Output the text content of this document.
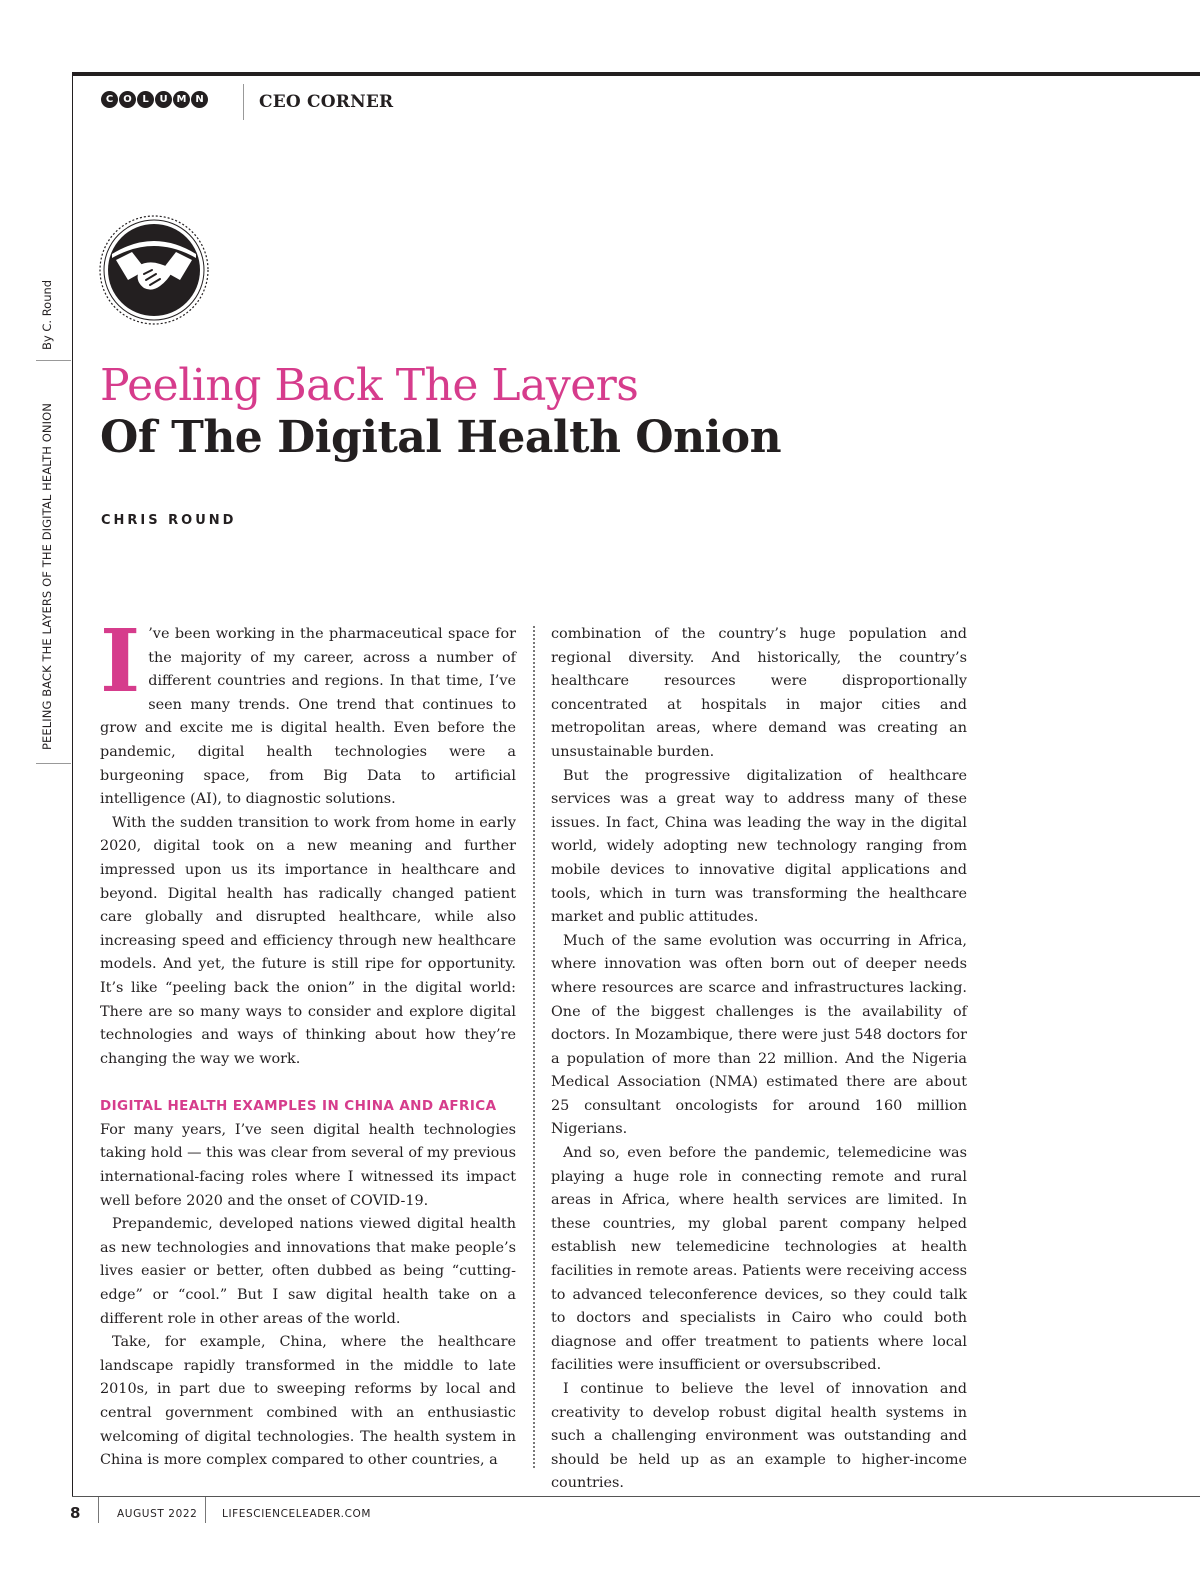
C	O	L	U M N	CEO CORNER
By C. Round
PEELING BACK THE LAYERS OF THE DIGITAL HEALTH ONION
Peeling Back The Layers
Of The Digital Health Onion
CHRIS ROUND

I ’ve been working in the pharmaceutical space for the majority of my career, across a number of different countries and regions. In that time, I’ve seen many trends. One trend that continues to grow and excite me is digital health. Even before the pandemic, digital health technologies were a burgeoning space, from Big Data to artificial intelligence (AI), to diagnostic solutions.

With the sudden transition to work from home in early 2020, digital took on a new meaning and further impressed upon us its importance in healthcare and beyond. Digital health has radically changed patient care globally and disrupted healthcare, while also increasing speed and efficiency through new healthcare models. And yet, the future is still ripe for opportunity. It’s like “peeling back the onion” in the digital world: There are so many ways to consider and explore digital technologies and ways of thinking about how they’re changing the way we work.

DIGITAL HEALTH EXAMPLES IN CHINA AND AFRICA

For many years, I’ve seen digital health technologies taking hold — this was clear from several of my previous international-facing roles where I witnessed its impact well before 2020 and the onset of COVID-19.

Prepandemic, developed nations viewed digital health as new technologies and innovations that make people’s lives easier or better, often dubbed as being “cutting-edge” or “cool.” But I saw digital health take on a different role in other areas of the world.

Take, for example, China, where the healthcare landscape rapidly transformed in the middle to late 2010s, in part due to sweeping reforms by local and central government combined with an enthusiastic welcoming of digital technologies. The health system in China is more complex compared to other countries, a

combination of the country’s huge population and regional diversity. And historically, the country’s healthcare resources were disproportionally concentrated at hospitals in major cities and metropolitan areas, where demand was creating an unsustainable burden.

But the progressive digitalization of healthcare services was a great way to address many of these issues. In fact, China was leading the way in the digital world, widely adopting new technology ranging from mobile devices to innovative digital applications and tools, which in turn was transforming the healthcare market and public attitudes.

Much of the same evolution was occurring in Africa, where innovation was often born out of deeper needs where resources are scarce and infrastructures lacking. One of the biggest challenges is the availability of doctors. In Mozambique, there were just 548 doctors for a population of more than 22 million. And the Nigeria Medical Association (NMA) estimated there are about 25 consultant oncologists for around 160 million Nigerians.

And so, even before the pandemic, telemedicine was playing a huge role in connecting remote and rural areas in Africa, where health services are limited. In these countries, my global parent company helped establish new telemedicine technologies at health facilities in remote areas. Patients were receiving access to advanced teleconference devices, so they could talk to doctors and specialists in Cairo who could both diagnose and offer treatment to patients where local facilities were insufficient or oversubscribed.

I continue to believe the level of innovation and creativity to develop robust digital health systems in such a challenging environment was outstanding and should be held up as an example to higher-income countries.

8	AUGUST 2022 LIFESCIENCELEADER.COM
